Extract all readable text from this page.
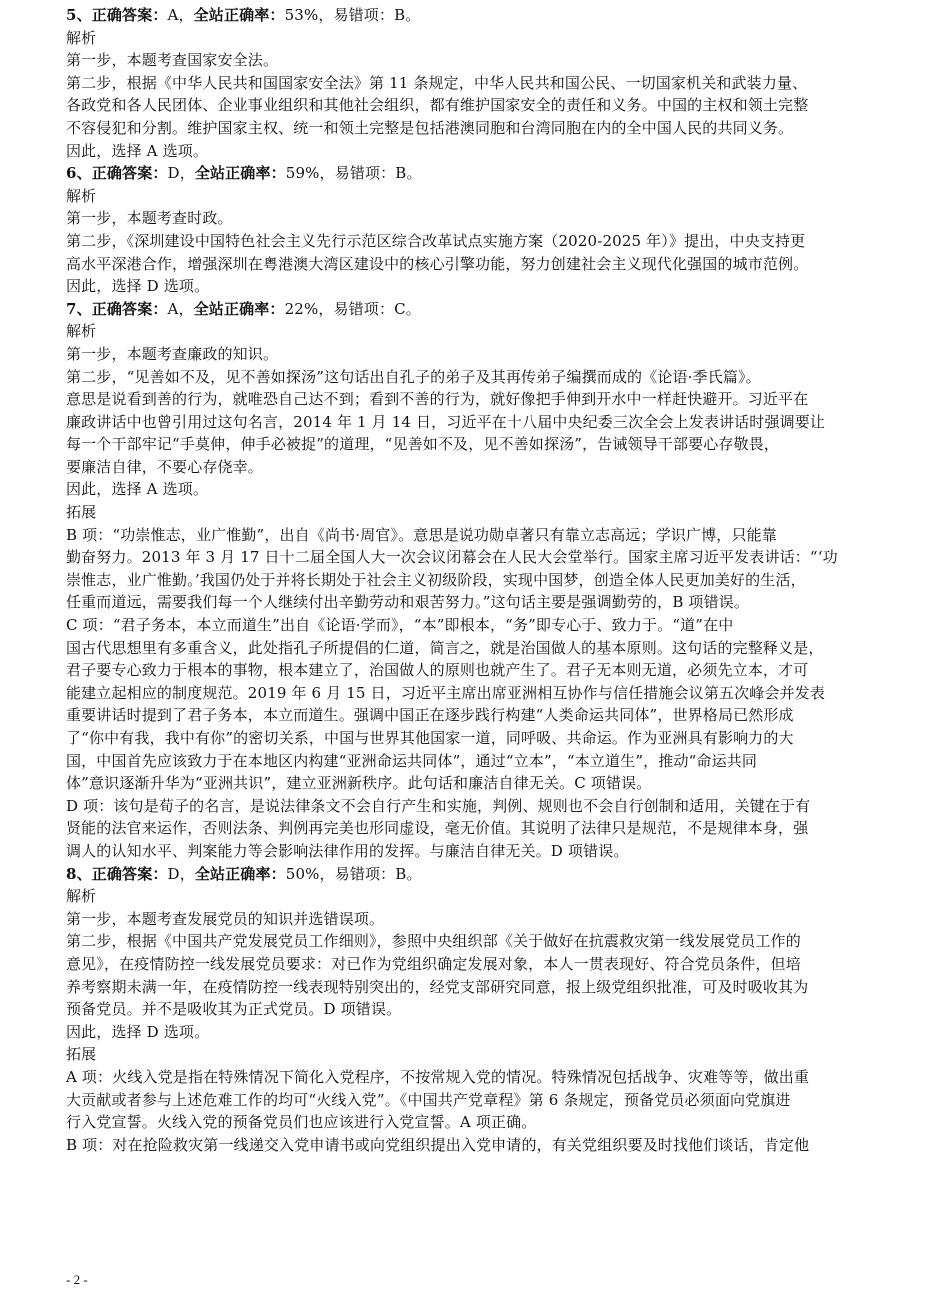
5、正确答案：A，全站正确率：53%，易错项：B。
解析
第一步，本题考查国家安全法。
第二步，根据《中华人民共和国国家安全法》第 11 条规定，中华人民共和国公民、一切国家机关和武装力量、
各政党和各人民团体、企业事业组织和其他社会组织，都有维护国家安全的责任和义务。中国的主权和领土完整
不容侵犯和分割。维护国家主权、统一和领土完整是包括港澳同胞和台湾同胞在内的全中国人民的共同义务。
因此，选择 A 选项。
6、正确答案：D，全站正确率：59%，易错项：B。
解析
第一步，本题考查时政。
第二步，《深圳建设中国特色社会主义先行示范区综合改革试点实施方案（2020-2025 年）》提出，中央支持更
高水平深港合作，增强深圳在粤港澳大湾区建设中的核心引擎功能，努力创建社会主义现代化强国的城市范例。
因此，选择 D 选项。
7、正确答案：A，全站正确率：22%，易错项：C。
解析
第一步，本题考查廉政的知识。
第二步，“见善如不及，见不善如探汤”这句话出自孔子的弟子及其再传弟子编撰而成的《论语·季氏篇》。
意思是说看到善的行为，就唯恐自己达不到；看到不善的行为，就好像把手伸到开水中一样赶快避开。习近平在
廉政讲话中也曾引用过这句名言，2014 年 1 月 14 日，习近平在十八届中央纪委三次全会上发表讲话时强调要让
每一个干部牢记“手莫伸，伸手必被捉”的道理，“见善如不及，见不善如探汤”，告诫领导干部要心存敬畏，
要廉洁自律，不要心存侥幸。
因此，选择 A 选项。
拓展
B 项：“功崇惟志，业广惟勤”，出自《尚书·周官》。意思是说功勋卓著只有靠立志高远；学识广博，只能靠
勤奋努力。2013 年 3 月 17 日十二届全国人大一次会议闭幕会在人民大会堂举行。国家主席习近平发表讲话：“‘功
崇惟志，业广惟勤。’我国仍处于并将长期处于社会主义初级阶段，实现中国梦，创造全体人民更加美好的生活，
任重而道远，需要我们每一个人继续付出辛勤劳动和艰苦努力。”这句话主要是强调勤劳的，B 项错误。
C 项：“君子务本，本立而道生”出自《论语·学而》，“本”即根本，“务”即专心于、致力于。“道”在中
国古代思想里有多重含义，此处指孔子所提倡的仁道，简言之，就是治国做人的基本原则。这句话的完整释义是，
君子要专心致力于根本的事物，根本建立了，治国做人的原则也就产生了。君子无本则无道，必须先立本，才可
能建立起相应的制度规范。2019 年 6 月 15 日，习近平主席出席亚洲相互协作与信任措施会议第五次峰会并发表
重要讲话时提到了君子务本，本立而道生。强调中国正在逐步践行构建“人类命运共同体”，世界格局已然形成
了“你中有我，我中有你”的密切关系，中国与世界其他国家一道，同呼吸、共命运。作为亚洲具有影响力的大
国，中国首先应该致力于在本地区内构建“亚洲命运共同体”，通过“立本”，“本立道生”，推动“命运共同
体”意识逐渐升华为“亚洲共识”，建立亚洲新秩序。此句话和廉洁自律无关。C 项错误。
D 项：该句是荀子的名言，是说法律条文不会自行产生和实施，判例、规则也不会自行创制和适用，关键在于有
贤能的法官来运作，否则法条、判例再完美也形同虚设，毫无价值。其说明了法律只是规范，不是规律本身，强
调人的认知水平、判案能力等会影响法律作用的发挥。与廉洁自律无关。D 项错误。
8、正确答案：D，全站正确率：50%，易错项：B。
解析
第一步，本题考查发展党员的知识并选错误项。
第二步，根据《中国共产党发展党员工作细则》，参照中央组织部《关于做好在抗震救灾第一线发展党员工作的
意见》，在疫情防控一线发展党员要求：对已作为党组织确定发展对象，本人一贯表现好、符合党员条件，但培
养考察期未满一年，在疫情防控一线表现特别突出的，经党支部研究同意，报上级党组织批准，可及时吸收其为
预备党员。并不是吸收其为正式党员。D 项错误。
因此，选择 D 选项。
拓展
A 项：火线入党是指在特殊情况下简化入党程序，不按常规入党的情况。特殊情况包括战争、灾难等等，做出重
大贡献或者参与上述危难工作的均可“火线入党”。《中国共产党章程》第 6 条规定，预备党员必须面向党旗进
行入党宣誓。火线入党的预备党员们也应该进行入党宣誓。A 项正确。
B 项：对在抢险救灾第一线递交入党申请书或向党组织提出入党申请的，有关党组织要及时找他们谈话，肯定他
- 2 -
